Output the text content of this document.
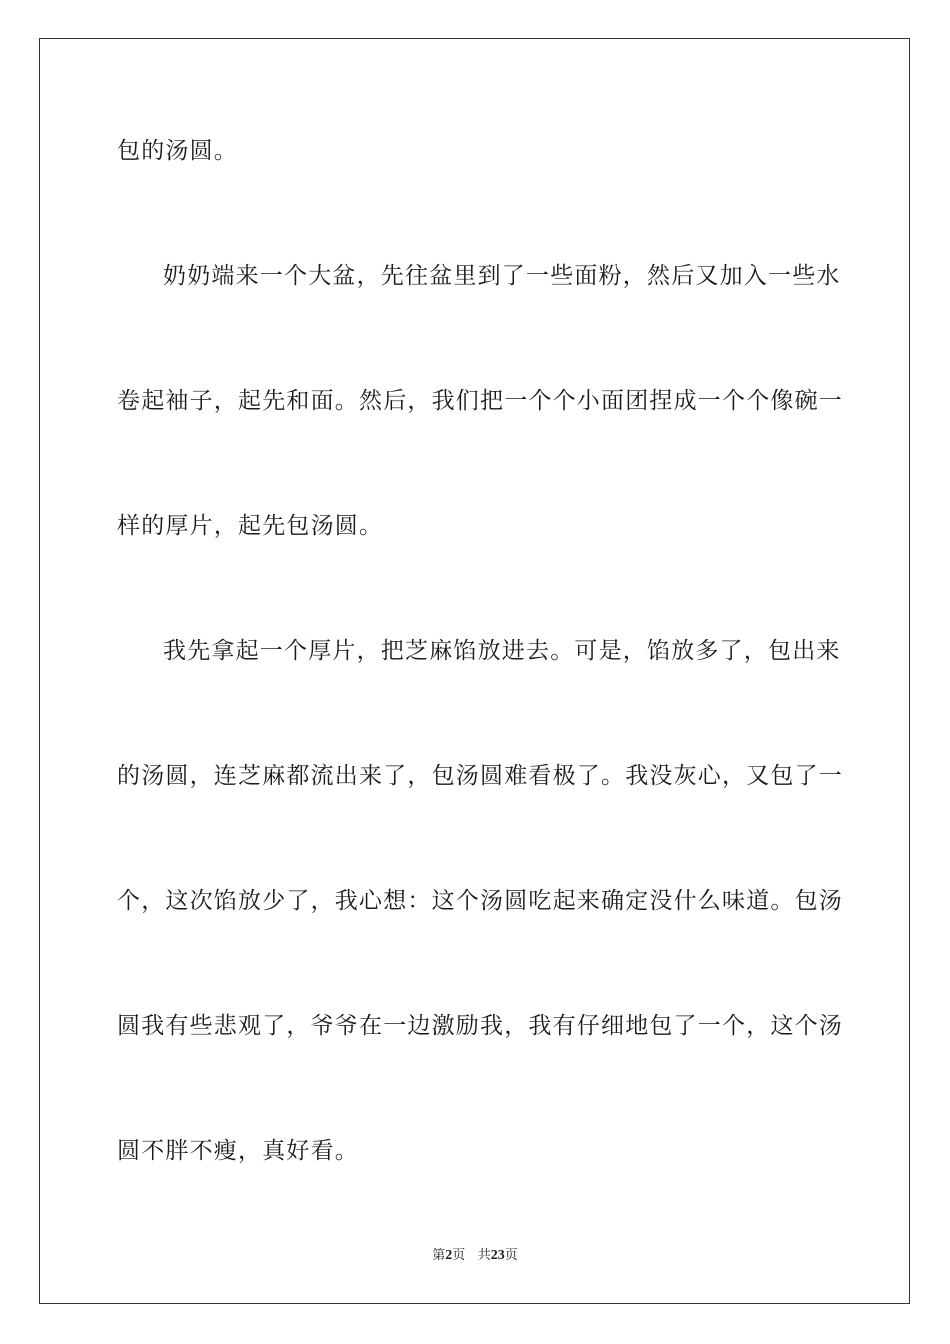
包的汤圆。
奶奶端来一个大盆，先往盆里到了一些面粉，然后又加入一些水
卷起袖子，起先和面。然后，我们把一个个小面团捏成一个个像碗一
样的厚片，起先包汤圆。
我先拿起一个厚片，把芝麻馅放进去。可是，馅放多了，包出来
的汤圆，连芝麻都流出来了，包汤圆难看极了。我没灰心，又包了一
个，这次馅放少了，我心想：这个汤圆吃起来确定没什么味道。包汤
圆我有些悲观了，爷爷在一边激励我，我有仔细地包了一个，这个汤
圆不胖不瘦，真好看。
第2页 共23页
